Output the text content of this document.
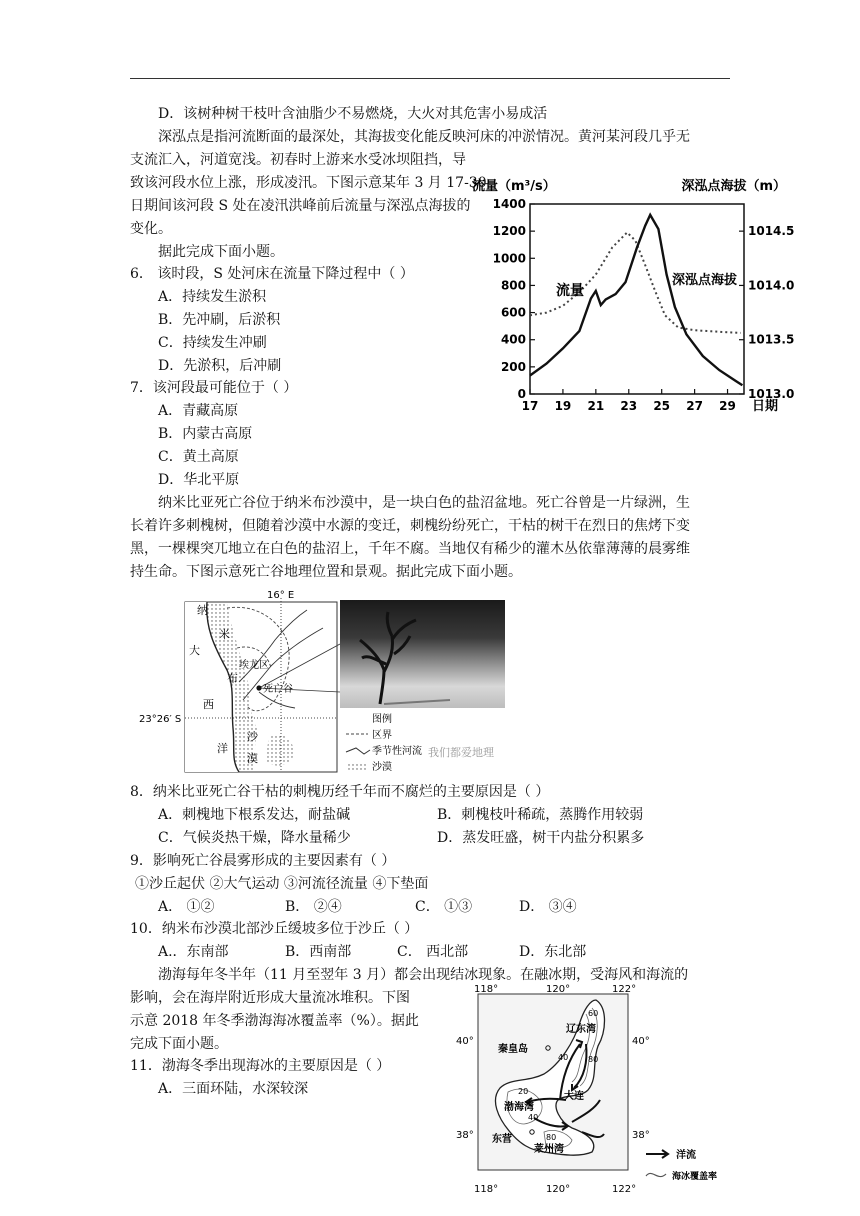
D．该树种树干枝叶含油脂少不易燃烧，大火对其危害小易成活
深泓点是指河流断面的最深处，其海拔变化能反映河床的冲淤情况。黄河某河段几乎无
支流汇入，河道宽浅。初春时上游来水受冰坝阻挡，导
致该河段水位上涨，形成凌汛。下图示意某年 3 月 17-30
日期间该河段 S 处在凌汛洪峰前后流量与深泓点海拔的
变化。
据此完成下面小题。
6． 该时段，S 处河床在流量下降过程中（ ）
A．持续发生淤积
B．先冲刷，后淤积
C．持续发生冲刷
D．先淤积，后冲刷
7．该河段最可能位于（ ）
A．青藏高原
B．内蒙古高原
C．黄土高原
D．华北平原
纳米比亚死亡谷位于纳米布沙漠中，是一块白色的盐沼盆地。死亡谷曾是一片绿洲，生
长着许多刺槐树，但随着沙漠中水源的变迁，刺槐纷纷死亡，干枯的树干在烈日的焦烤下变
黑，一棵棵突兀地立在白色的盐沼上，千年不腐。当地仅有稀少的灌木丛依靠薄薄的晨雾维
持生命。下图示意死亡谷地理位置和景观。据此完成下面小题。
8．纳米比亚死亡谷干枯的刺槐历经千年而不腐烂的主要原因是（ ）
A．刺槐地下根系发达，耐盐碱	B．刺槐枝叶稀疏，蒸腾作用较弱
C．气候炎热干燥，降水量稀少	D．蒸发旺盛，树干内盐分积累多
9．影响死亡谷晨雾形成的主要因素有（ ）
①沙丘起伏 ②大气运动 ③河流径流量 ④下垫面
A． ①②	B． ②④	C． ①③	D． ③④
10．纳米布沙漠北部沙丘缓坡多位于沙丘（ ）
A.．东南部	B．西南部	C． 西北部	D．东北部
渤海每年冬半年（11 月至翌年 3 月）都会出现结冰现象。在融冰期，受海风和海流的
影响，会在海岸附近形成大量流冰堆积。下图
示意 2018 年冬季渤海海冰覆盖率（%）。据此
完成下面小题。
11．渤海冬季出现海冰的主要原因是（ ）
A．三面环陆，水深较深
流量（m³/s）	深泓点海拔（m）
0
200
400
600
800
1000
1200
1400
1013.0
1013.5
1014.0
1014.5
17 19 21 23 25 27 29
流量
深泓点海拔
日期
16° E
23°26′ S
纳
米
大
布
西
洋
沙
漠
埃龙区
死亡谷
图例
区界
季节性河流
沙漠
我们都爱地理
118°	120°	122°
118°	120°	122°
40°
38°
40°
38°
秦皇岛
辽东湾
大连
渤海湾
东营
莱州湾
60
40 80
20
40
80
洋流
海冰覆盖率
